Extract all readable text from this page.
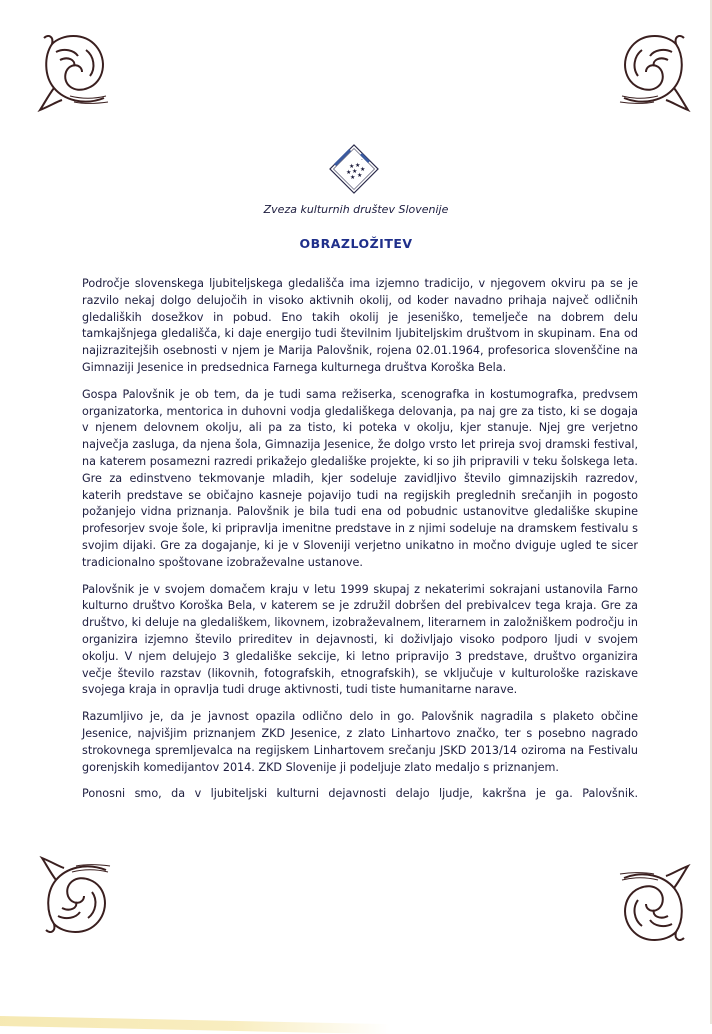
★ ★
★
★ ★
★
★
·
Zveza kulturnih društev Slovenije
OBRAZLOŽITEV

Področje slovenskega ljubiteljskega gledališča ima izjemno tradicijo, v njegovem okviru pa se je razvilo nekaj dolgo delujočih in visoko aktivnih okolij, od koder navadno prihaja največ odličnih gledaliških dosežkov in pobud. Eno takih okolij je jeseniško, temelječe na dobrem delu tamkajšnjega gledališča, ki daje energijo tudi številnim ljubiteljskim društvom in skupinam. Ena od najizrazitejših osebnosti v njem je Marija Palovšnik, rojena 02.01.1964, profesorica slovenščine na Gimnaziji Jesenice in predsednica Farnega kulturnega društva Koroška Bela.

Gospa Palovšnik je ob tem, da je tudi sama režiserka, scenografka in kostumografka, predvsem organizatorka, mentorica in duhovni vodja gledališkega delovanja, pa naj gre za tisto, ki se dogaja v njenem delovnem okolju, ali pa za tisto, ki poteka v okolju, kjer stanuje. Njej gre verjetno največja zasluga, da njena šola, Gimnazija Jesenice, že dolgo vrsto let prireja svoj dramski festival, na katerem posamezni razredi prikažejo gledališke projekte, ki so jih pripravili v teku šolskega leta. Gre za edinstveno tekmovanje mladih, kjer sodeluje zavidljivo število gimnazijskih razredov, katerih predstave se običajno kasneje pojavijo tudi na regijskih preglednih srečanjih in pogosto požanjejo vidna priznanja. Palovšnik je bila tudi ena od pobudnic ustanovitve gledališke skupine profesorjev svoje šole, ki pripravlja imenitne predstave in z njimi sodeluje na dramskem festivalu s svojim dijaki. Gre za dogajanje, ki je v Sloveniji verjetno unikatno in močno dviguje ugled te sicer tradicionalno spoštovane izobraževalne ustanove.

Palovšnik je v svojem domačem kraju v letu 1999 skupaj z nekaterimi sokrajani ustanovila Farno kulturno društvo Koroška Bela, v katerem se je združil dobršen del prebivalcev tega kraja. Gre za društvo, ki deluje na gledališkem, likovnem, izobraževalnem, literarnem in založniškem področju in organizira izjemno število prireditev in dejavnosti, ki doživljajo visoko podporo ljudi v svojem okolju. V njem delujejo 3 gledališke sekcije, ki letno pripravijo 3 predstave, društvo organizira večje število razstav (likovnih, fotografskih, etnografskih), se vključuje v kulturološke raziskave svojega kraja in opravlja tudi druge aktivnosti, tudi tiste humanitarne narave.

Razumljivo je, da je javnost opazila odlično delo in go. Palovšnik nagradila s plaketo občine Jesenice, najvišjim priznanjem ZKD Jesenice, z zlato Linhartovo značko, ter s posebno nagrado strokovnega spremljevalca na regijskem Linhartovem srečanju JSKD 2013/14 oziroma na Festivalu gorenjskih komedijantov 2014. ZKD Slovenije ji podeljuje zlato medaljo s priznanjem.

Ponosni smo, da v ljubiteljski kulturni dejavnosti delajo ljudje, kakršna je ga. Palovšnik.
